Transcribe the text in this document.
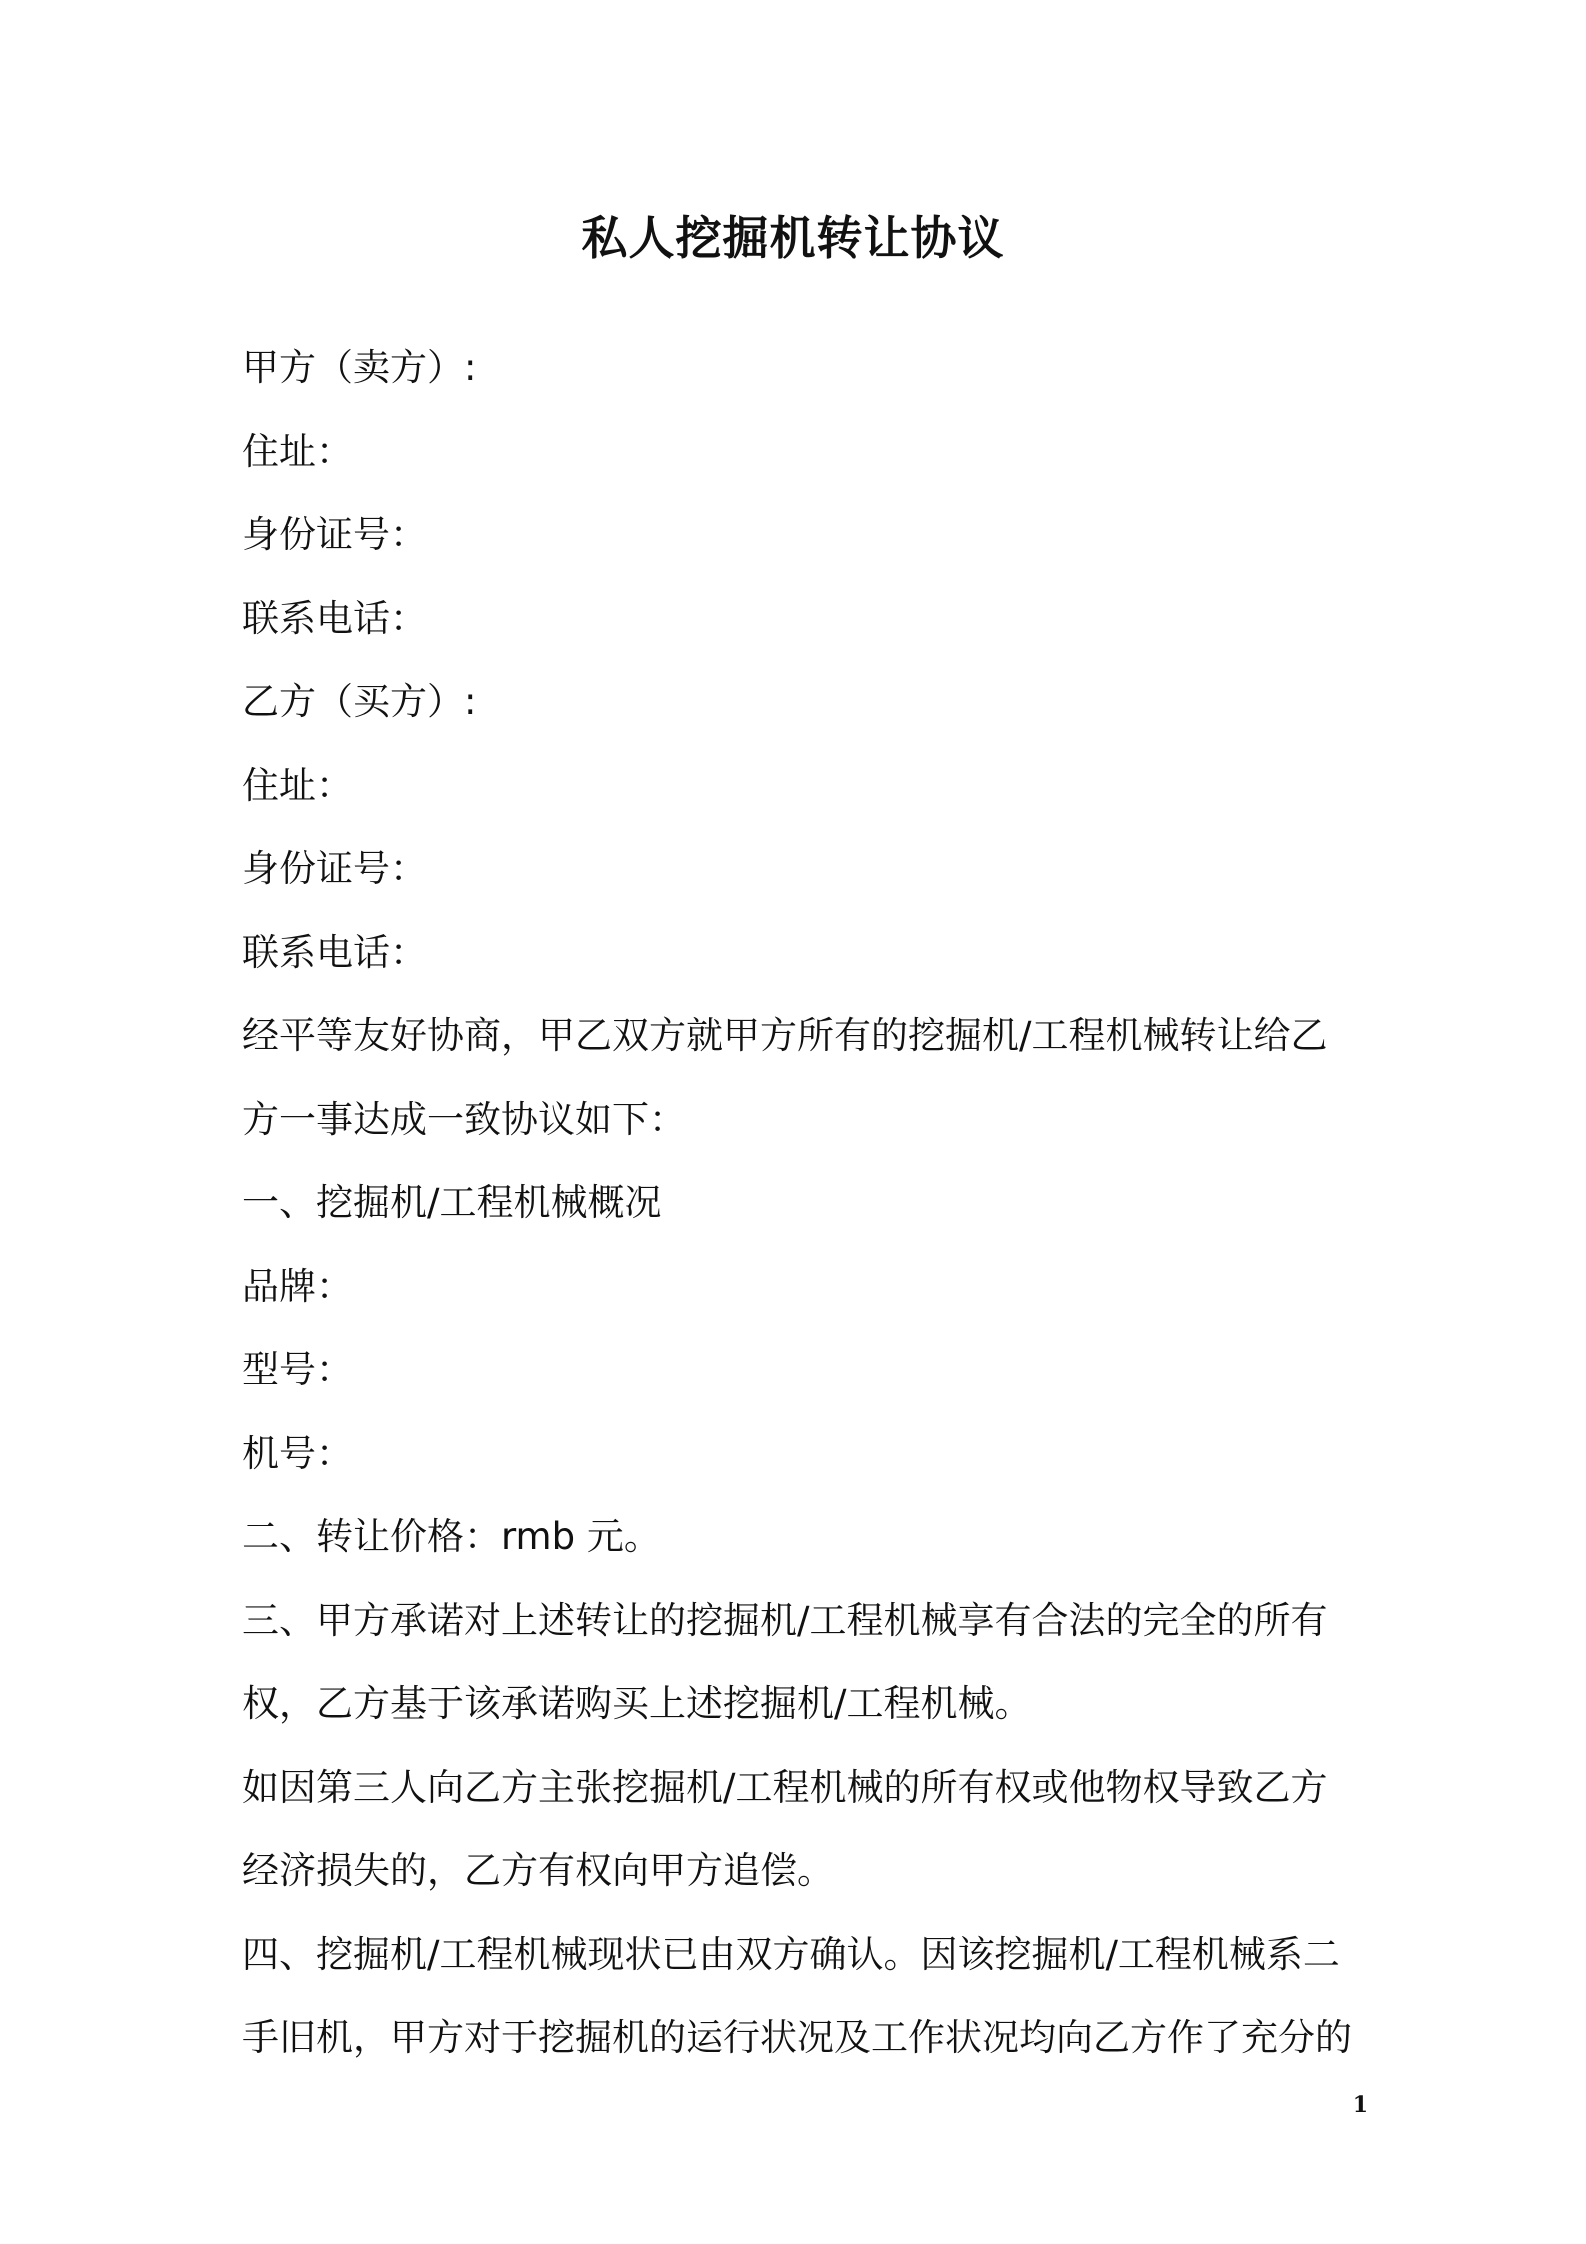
私人挖掘机转让协议
甲方（卖方）:
住址：
身份证号：
联系电话：
乙方（买方）:
住址：
身份证号：
联系电话：
经平等友好协商，甲乙双方就甲方所有的挖掘机/工程机械转让给乙
方一事达成一致协议如下：
一、挖掘机/工程机械概况
品牌：
型号：
机号：
二、转让价格：rmb 元。
三、甲方承诺对上述转让的挖掘机/工程机械享有合法的完全的所有
权，乙方基于该承诺购买上述挖掘机/工程机械。
如因第三人向乙方主张挖掘机/工程机械的所有权或他物权导致乙方
经济损失的，乙方有权向甲方追偿。
四、挖掘机/工程机械现状已由双方确认。因该挖掘机/工程机械系二
手旧机，甲方对于挖掘机的运行状况及工作状况均向乙方作了充分的
1
